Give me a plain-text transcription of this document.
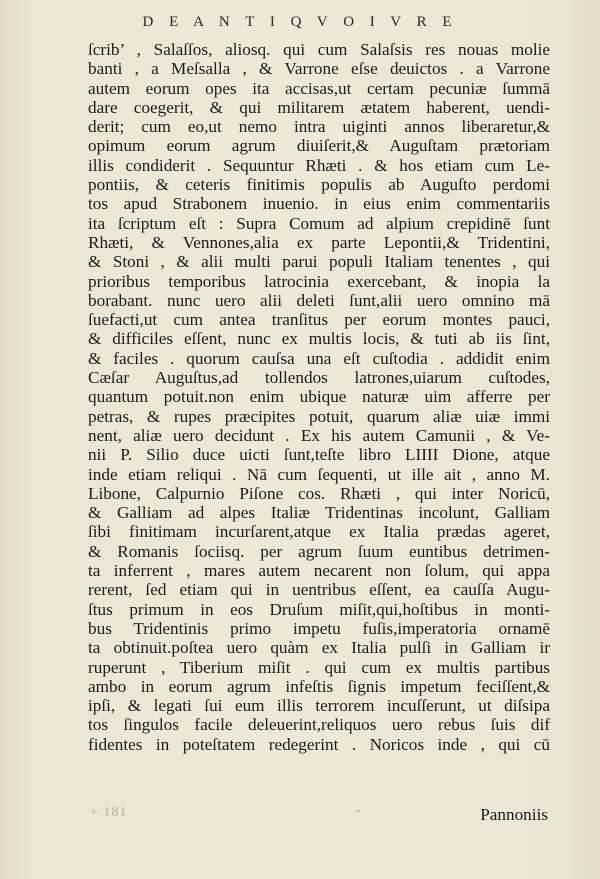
D E A N T I Q V O I V R E
ſcrib’ , Salaſſos, aliosq. qui cum Salaſsis res nouas molie
banti , a Meſsalla , & Varrone eſse deuictos . a Varrone
autem eorum opes ita accisas,ut certam pecuniæ ſummā
dare coegerit, & qui militarem ætatem haberent, uendi-
derit; cum eo,ut nemo intra uiginti annos liberaretur,&
opimum eorum agrum diuiſerit,& Auguſtam prætoriam
illis condiderit . Sequuntur Rhæti . & hos etiam cum Le-
pontiis, & ceteris finitimis populis ab Auguſto perdomi
tos apud Strabonem inuenio. in eius enim commentariis
ita ſcriptum eſt : Supra Comum ad alpium crepidinē ſunt
Rhæti, & Vennones,alia ex parte Lepontii,& Tridentini,
& Stoni , & alii multi parui populi Italiam tenentes , qui
prioribus temporibus latrocinia exercebant, & inopia la
borabant. nunc uero alii deleti ſunt,alii uero omnino mā
ſuefacti,ut cum antea tranſitus per eorum montes pauci,
& difficiles eſſent, nunc ex multis locis, & tuti ab iis ſint,
& faciles . quorum cauſsa una eſt cuſtodia . addidit enim
Cæſar Auguſtus,ad tollendos latrones,uiarum cuſtodes,
quantum potuit.non enim ubique naturæ uim afferre per
petras, & rupes præcipites potuit, quarum aliæ uiæ immi
nent, aliæ uero decidunt . Ex his autem Camunii , & Ve-
nii P. Silio duce uicti ſunt,teſte libro LIIII Dione, atque
inde etiam reliqui . Nā cum ſequenti, ut ille ait , anno M.
Libone, Calpurnio Piſone cos. Rhæti , qui inter Noricū,
& Galliam ad alpes Italiæ Tridentinas incolunt, Galliam
ſibi finitimam incurſarent,atque ex Italia prædas ageret,
& Romanis ſociisq. per agrum ſuum euntibus detrimen-
ta inferrent , mares autem necarent non ſolum, qui appa
rerent, ſed etiam qui in uentribus eſſent, ea cauſſa Augu-
ſtus primum in eos Druſum miſit,qui,hoſtibus in monti-
bus Tridentinis primo impetu fuſis,imperatoria ornamē
ta obtinuit.poſtea uero quàm ex Italia pulſi in Galliam ir
ruperunt , Tiberium miſit . qui cum ex multis partibus
ambo in eorum agrum infeſtis ſignis impetum feciſſent,&
ipſi, & legati ſui eum illis terrorem incuſſerunt, ut diſsipa
tos ſingulos facile deleuerint,reliquos uero rebus ſuis dif
fidentes in poteſtatem redegerint . Noricos inde , qui cū
+ 181	·	Pannoniis
